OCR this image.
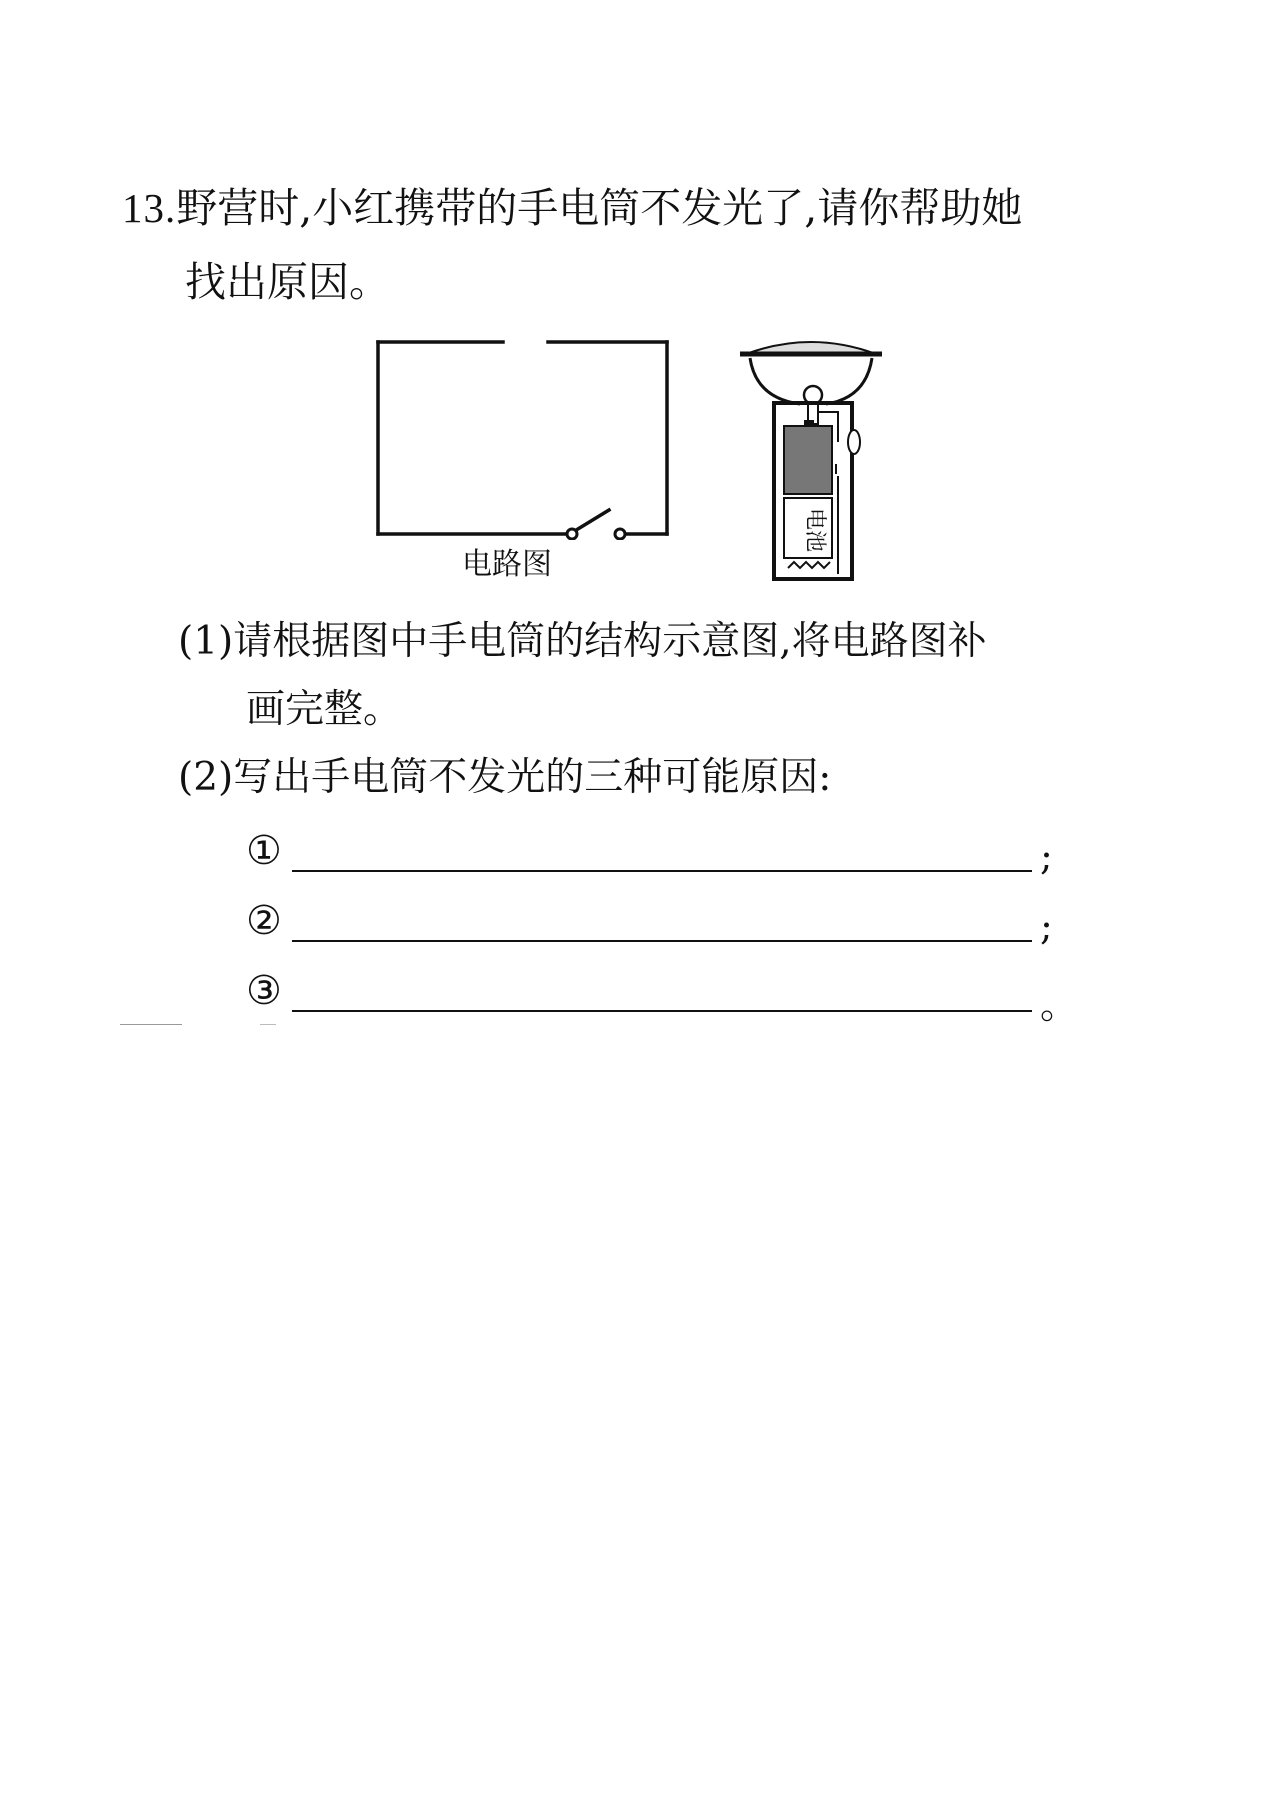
13.野营时,小红携带的手电筒不发光了,请你帮助她
找出原因。
电路图
电池
(1)请根据图中手电筒的结构示意图,将电路图补
画完整。
(2)写出手电筒不发光的三种可能原因:
①	;
②	;
③	。
